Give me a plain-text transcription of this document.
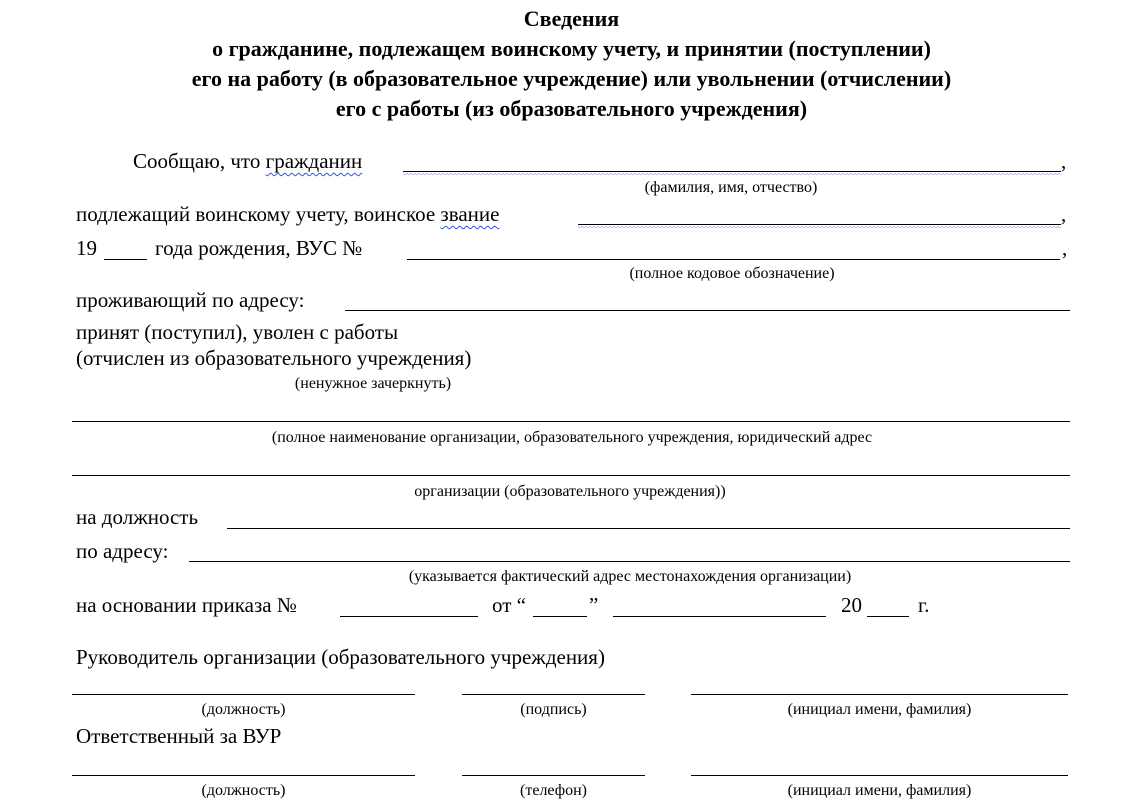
Сведения
о гражданине, подлежащем воинскому учету, и принятии (поступлении)
его на работу (в образовательное учреждение) или увольнении (отчислении)
его с работы (из образовательного учреждения)
Сообщаю, что гражданин	,
(фамилия, имя, отчество)
подлежащий воинскому учету, воинское звание	,
19	года рождения, ВУС №	,
(полное кодовое обозначение)
проживающий по адресу:
принят (поступил), уволен с работы
(отчислен из образовательного учреждения)
(ненужное зачеркнуть)
(полное наименование организации, образовательного учреждения, юридический адрес
организации (образовательного учреждения))
на должность
по адресу:
(указывается фактический адрес местонахождения организации)
на основании приказа №	от “	”	20	г.
Руководитель организации (образовательного учреждения)
(должность)	(подпись)	(инициал имени, фамилия)
Ответственный за ВУР
(должность)	(телефон)	(инициал имени, фамилия)
